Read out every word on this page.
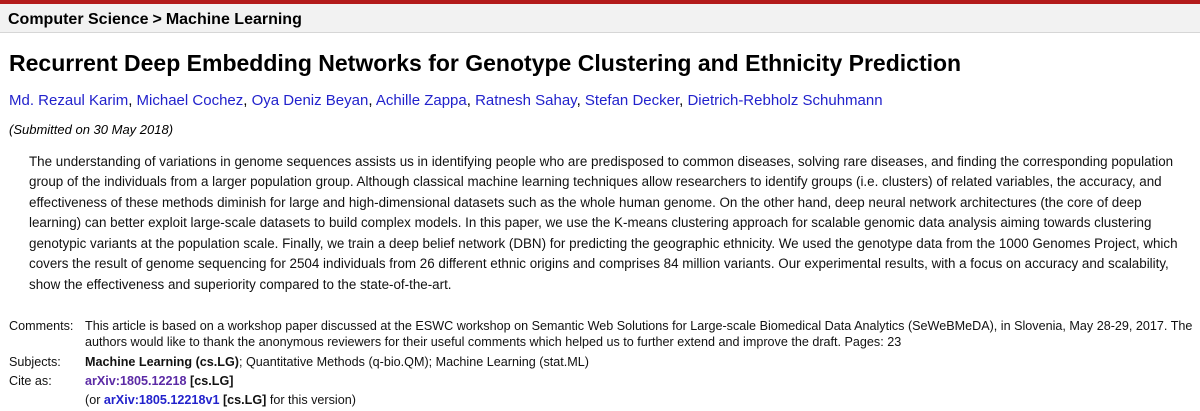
Computer Science > Machine Learning
Recurrent Deep Embedding Networks for Genotype Clustering and Ethnicity Prediction
Md. Rezaul Karim, Michael Cochez, Oya Deniz Beyan, Achille Zappa, Ratnesh Sahay, Stefan Decker, Dietrich-Rebholz Schuhmann
(Submitted on 30 May 2018)

The understanding of variations in genome sequences assists us in identifying people who are predisposed to common diseases, solving rare diseases, and finding the corresponding population group of the individuals from a larger population group. Although classical machine learning techniques allow researchers to identify groups (i.e. clusters) of related variables, the accuracy, and effectiveness of these methods diminish for large and high-dimensional datasets such as the whole human genome. On the other hand, deep neural network architectures (the core of deep learning) can better exploit large-scale datasets to build complex models. In this paper, we use the K-means clustering approach for scalable genomic data analysis aiming towards clustering genotypic variants at the population scale. Finally, we train a deep belief network (DBN) for predicting the geographic ethnicity. We used the genotype data from the 1000 Genomes Project, which covers the result of genome sequencing for 2504 individuals from 26 different ethnic origins and comprises 84 million variants. Our experimental results, with a focus on accuracy and scalability, show the effectiveness and superiority compared to the state-of-the-art.

Comments: This article is based on a workshop paper discussed at the ESWC workshop on Semantic Web Solutions for Large-scale Biomedical Data Analytics (SeWeBMeDA), in Slovenia, May 28-29, 2017. The authors would like to thank the anonymous reviewers for their useful comments which helped us to further extend and improve the draft. Pages: 23
Subjects:	Machine Learning (cs.LG); Quantitative Methods (q-bio.QM); Machine Learning (stat.ML)
Cite as:	arXiv:1805.12218 [cs.LG]
(or arXiv:1805.12218v1 [cs.LG] for this version)
